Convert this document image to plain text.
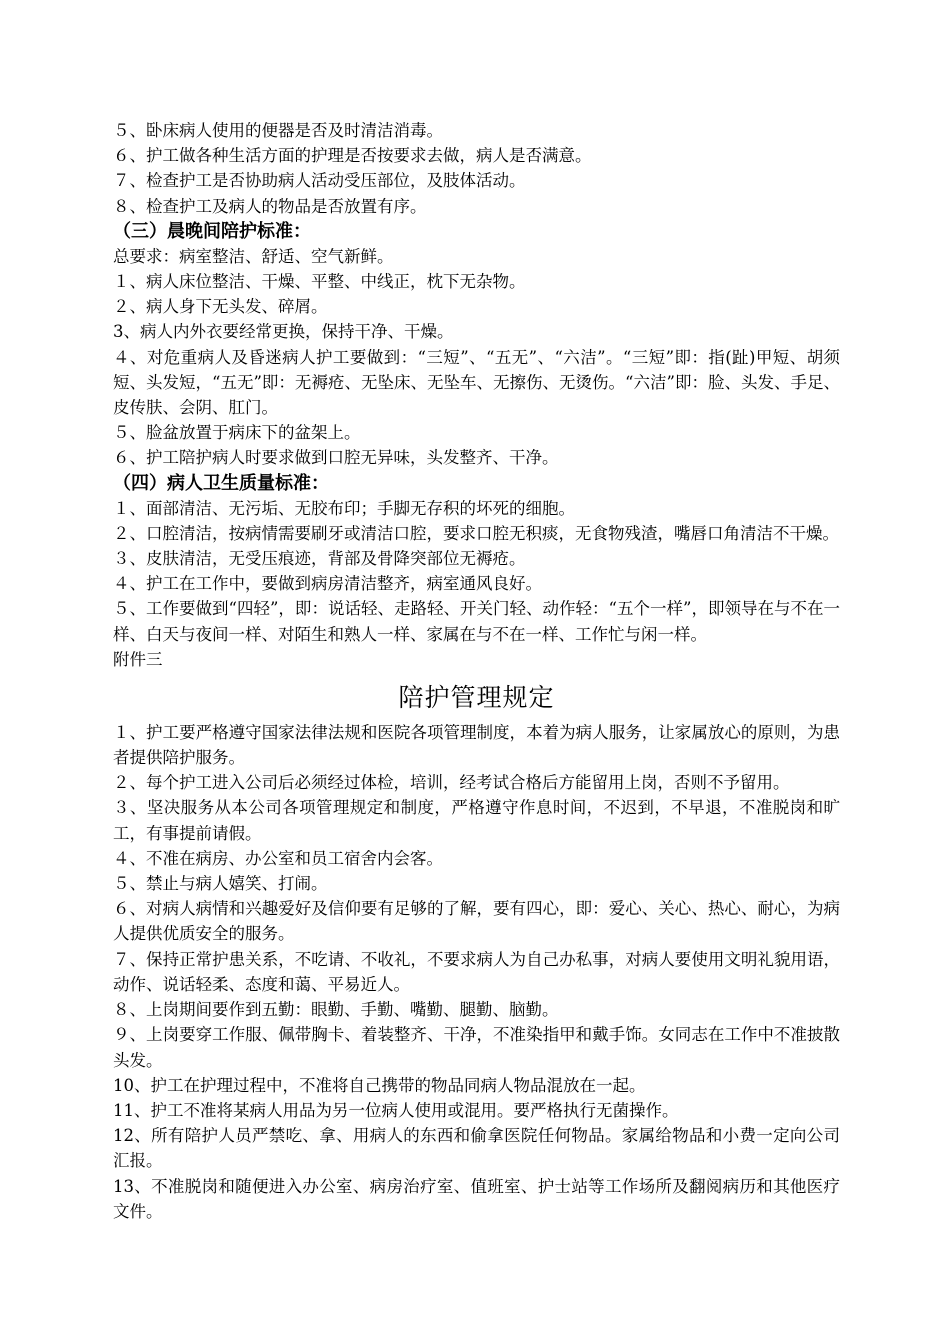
５、卧床病人使用的便器是否及时清洁消毒。

６、护工做各种生活方面的护理是否按要求去做，病人是否满意。

７、检查护工是否协助病人活动受压部位，及肢体活动。

８、检查护工及病人的物品是否放置有序。

（三）晨晚间陪护标准：

总要求：病室整洁、舒适、空气新鲜。

１、病人床位整洁、干燥、平整、中线正，枕下无杂物。

２、病人身下无头发、碎屑。

3、病人内外衣要经常更换，保持干净、干燥。

４、对危重病人及昏迷病人护工要做到：“三短”、“五无”、“六洁”。“三短”即：指(趾)甲短、胡须短、头发短，“五无”即：无褥疮、无坠床、无坠车、无擦伤、无烫伤。“六洁”即：脸、头发、手足、皮传肤、会阴、肛门。

５、脸盆放置于病床下的盆架上。

６、护工陪护病人时要求做到口腔无异味，头发整齐、干净。

（四）病人卫生质量标准：

１、面部清洁、无污垢、无胶布印；手脚无存积的坏死的细胞。

２、口腔清洁，按病情需要刷牙或清洁口腔，要求口腔无积痰，无食物残渣，嘴唇口角清洁不干燥。

３、皮肤清洁，无受压痕迹，背部及骨降突部位无褥疮。

４、护工在工作中，要做到病房清洁整齐，病室通风良好。

５、工作要做到“四轻”，即：说话轻、走路轻、开关门轻、动作轻：“五个一样”，即领导在与不在一样、白天与夜间一样、对陌生和熟人一样、家属在与不在一样、工作忙与闲一样。

附件三

陪护管理规定

１、护工要严格遵守国家法律法规和医院各项管理制度，本着为病人服务，让家属放心的原则，为患者提供陪护服务。

２、每个护工进入公司后必须经过体检，培训，经考试合格后方能留用上岗，否则不予留用。

３、坚决服务从本公司各项管理规定和制度，严格遵守作息时间，不迟到，不早退，不准脱岗和旷工，有事提前请假。

４、不准在病房、办公室和员工宿舍内会客。

５、禁止与病人嬉笑、打闹。

６、对病人病情和兴趣爱好及信仰要有足够的了解，要有四心，即：爱心、关心、热心、耐心，为病人提供优质安全的服务。

７、保持正常护患关系，不吃请、不收礼，不要求病人为自己办私事，对病人要使用文明礼貌用语，动作、说话轻柔、态度和蔼、平易近人。

８、上岗期间要作到五勤：眼勤、手勤、嘴勤、腿勤、脑勤。

９、上岗要穿工作服、佩带胸卡、着装整齐、干净，不准染指甲和戴手饰。女同志在工作中不准披散头发。

10、护工在护理过程中，不准将自己携带的物品同病人物品混放在一起。

11、护工不准将某病人用品为另一位病人使用或混用。要严格执行无菌操作。

12、所有陪护人员严禁吃、拿、用病人的东西和偷拿医院任何物品。家属给物品和小费一定向公司汇报。

13、不准脱岗和随便进入办公室、病房治疗室、值班室、护士站等工作场所及翻阅病历和其他医疗文件。
